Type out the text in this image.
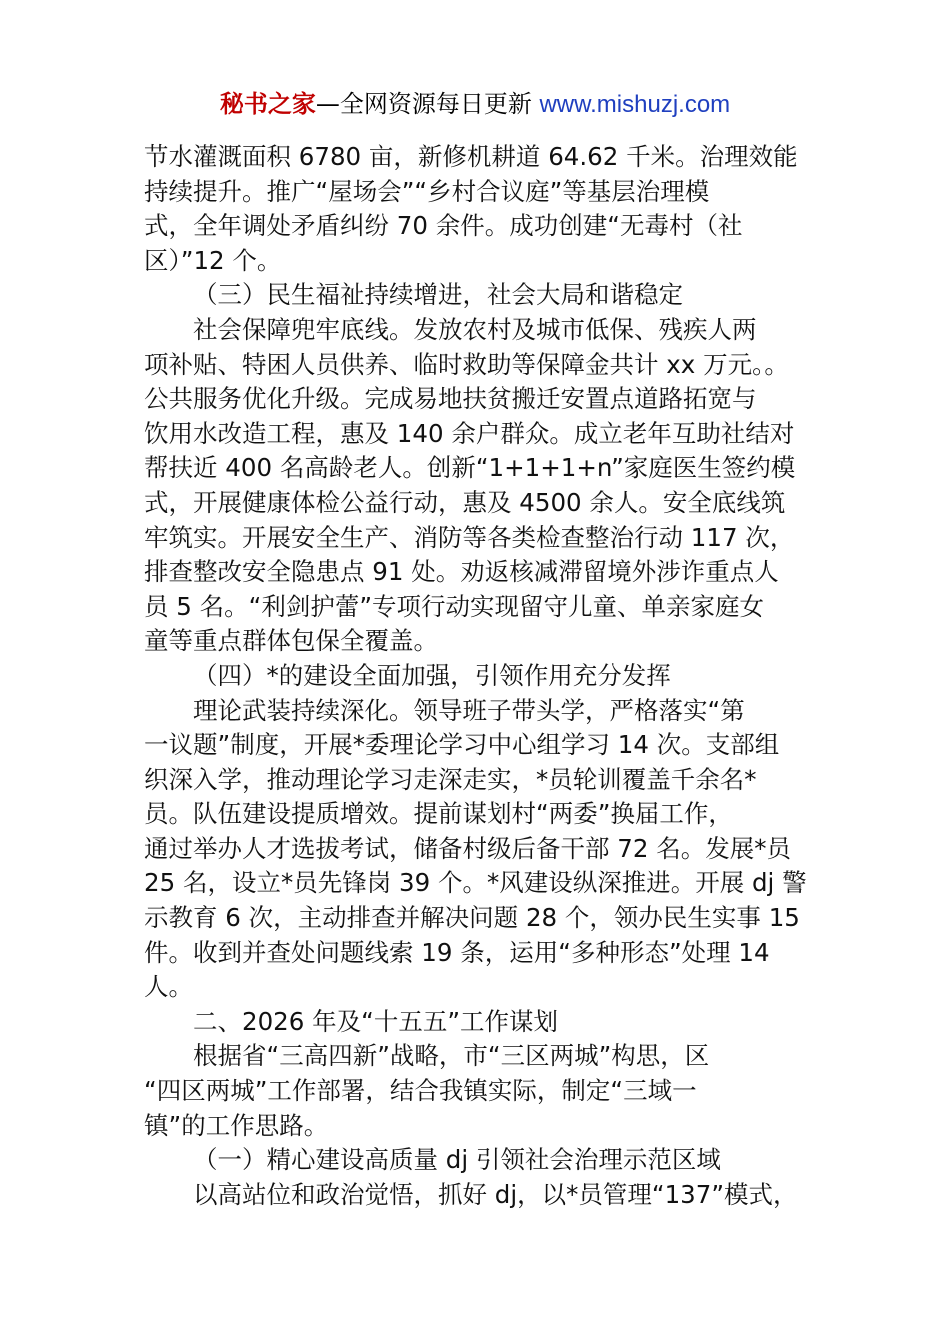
秘书之家—全网资源每日更新 www.mishuzj.com
节水灌溉面积 6780 亩，新修机耕道 64.62 千米。治理效能
持续提升。推广“屋场会”“乡村合议庭”等基层治理模
式，全年调处矛盾纠纷 70 余件。成功创建“无毒村（社
区）”12 个。
（三）民生福祉持续增进，社会大局和谐稳定
社会保障兜牢底线。发放农村及城市低保、残疾人两
项补贴、特困人员供养、临时救助等保障金共计 xx 万元。。
公共服务优化升级。完成易地扶贫搬迁安置点道路拓宽与
饮用水改造工程，惠及 140 余户群众。成立老年互助社结对
帮扶近 400 名高龄老人。创新“1+1+1+n”家庭医生签约模
式，开展健康体检公益行动，惠及 4500 余人。安全底线筑
牢筑实。开展安全生产、消防等各类检查整治行动 117 次，
排查整改安全隐患点 91 处。劝返核减滞留境外涉诈重点人
员 5 名。“利剑护蕾”专项行动实现留守儿童、单亲家庭女
童等重点群体包保全覆盖。
（四）*的建设全面加强，引领作用充分发挥
理论武装持续深化。领导班子带头学，严格落实“第
一议题”制度，开展*委理论学习中心组学习 14 次。支部组
织深入学，推动理论学习走深走实，*员轮训覆盖千余名*
员。队伍建设提质增效。提前谋划村“两委”换届工作，
通过举办人才选拔考试，储备村级后备干部 72 名。发展*员
25 名，设立*员先锋岗 39 个。*风建设纵深推进。开展 dj 警
示教育 6 次，主动排查并解决问题 28 个，领办民生实事 15
件。收到并查处问题线索 19 条，运用“多种形态”处理 14
人。
二、2026 年及“十五五”工作谋划
根据省“三高四新”战略，市“三区两城”构思，区
“四区两城”工作部署，结合我镇实际，制定“三域一
镇”的工作思路。
（一）精心建设高质量 dj 引领社会治理示范区域
以高站位和政治觉悟，抓好 dj，以*员管理“137”模式，
